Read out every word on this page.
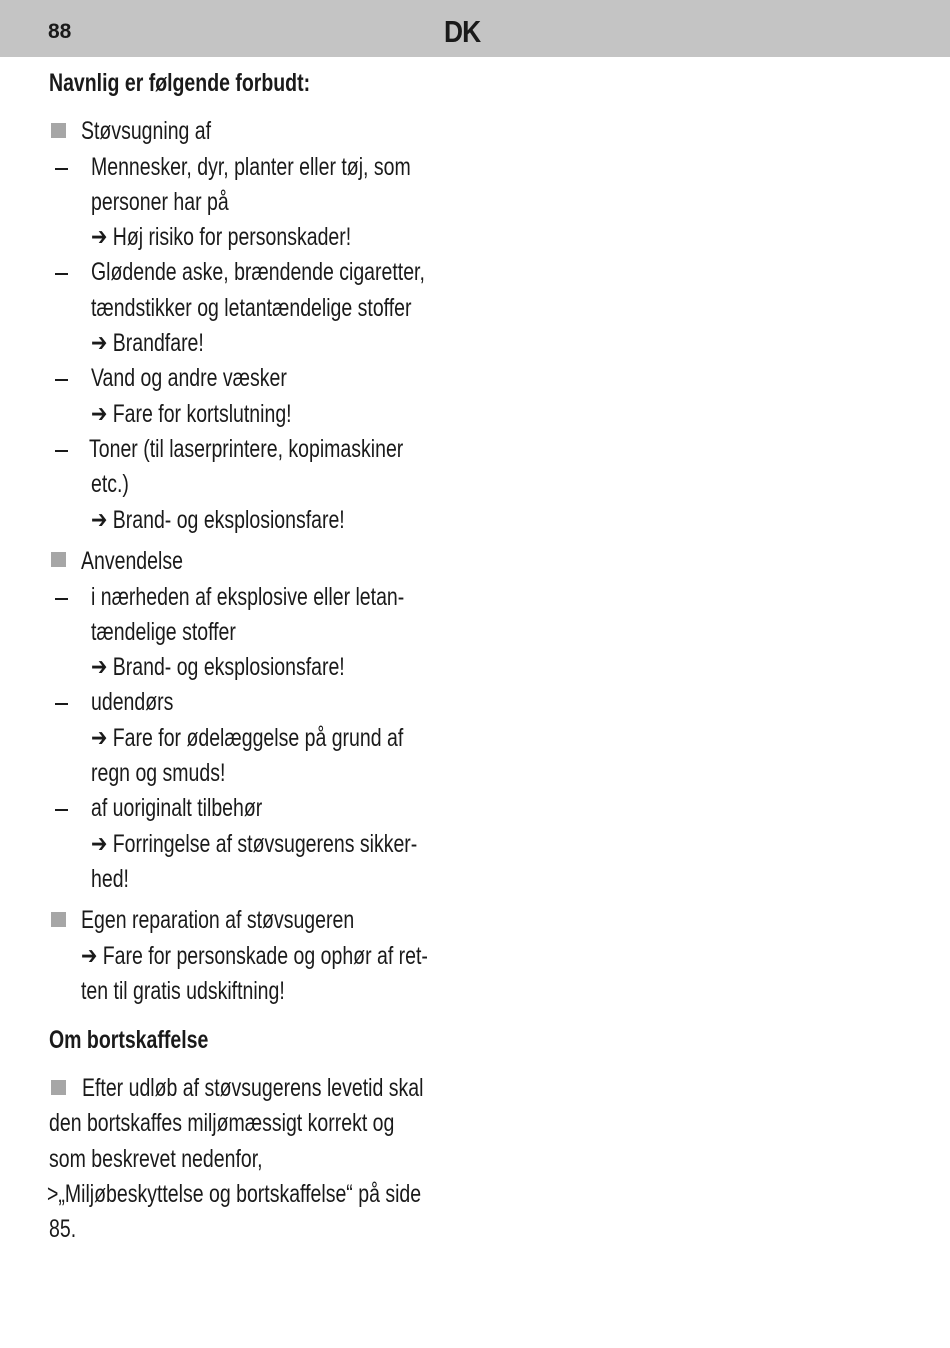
88	DK
Navnlig er følgende forbudt:
Støvsugning af
Mennesker, dyr, planter eller tøj, som
personer har på
➔ Høj risiko for personskader!
Glødende aske, brændende cigaretter,
tændstikker og letantændelige stoffer
➔ Brandfare!
Vand og andre væsker
➔ Fare for kortslutning!
Toner (til laserprintere, kopimaskiner
etc.)
➔ Brand- og eksplosionsfare!
Anvendelse
i nærheden af eksplosive eller letan-
tændelige stoffer
➔ Brand- og eksplosionsfare!
udendørs
➔ Fare for ødelæggelse på grund af
regn og smuds!
af uoriginalt tilbehør
➔ Forringelse af støvsugerens sikker-
hed!
Egen reparation af støvsugeren
➔ Fare for personskade og ophør af ret-
ten til gratis udskiftning!
Om bortskaffelse
Efter udløb af støvsugerens levetid skal
den bortskaffes miljømæssigt korrekt og
som beskrevet nedenfor,
>„Miljøbeskyttelse og bortskaffelse“ på side
85.
